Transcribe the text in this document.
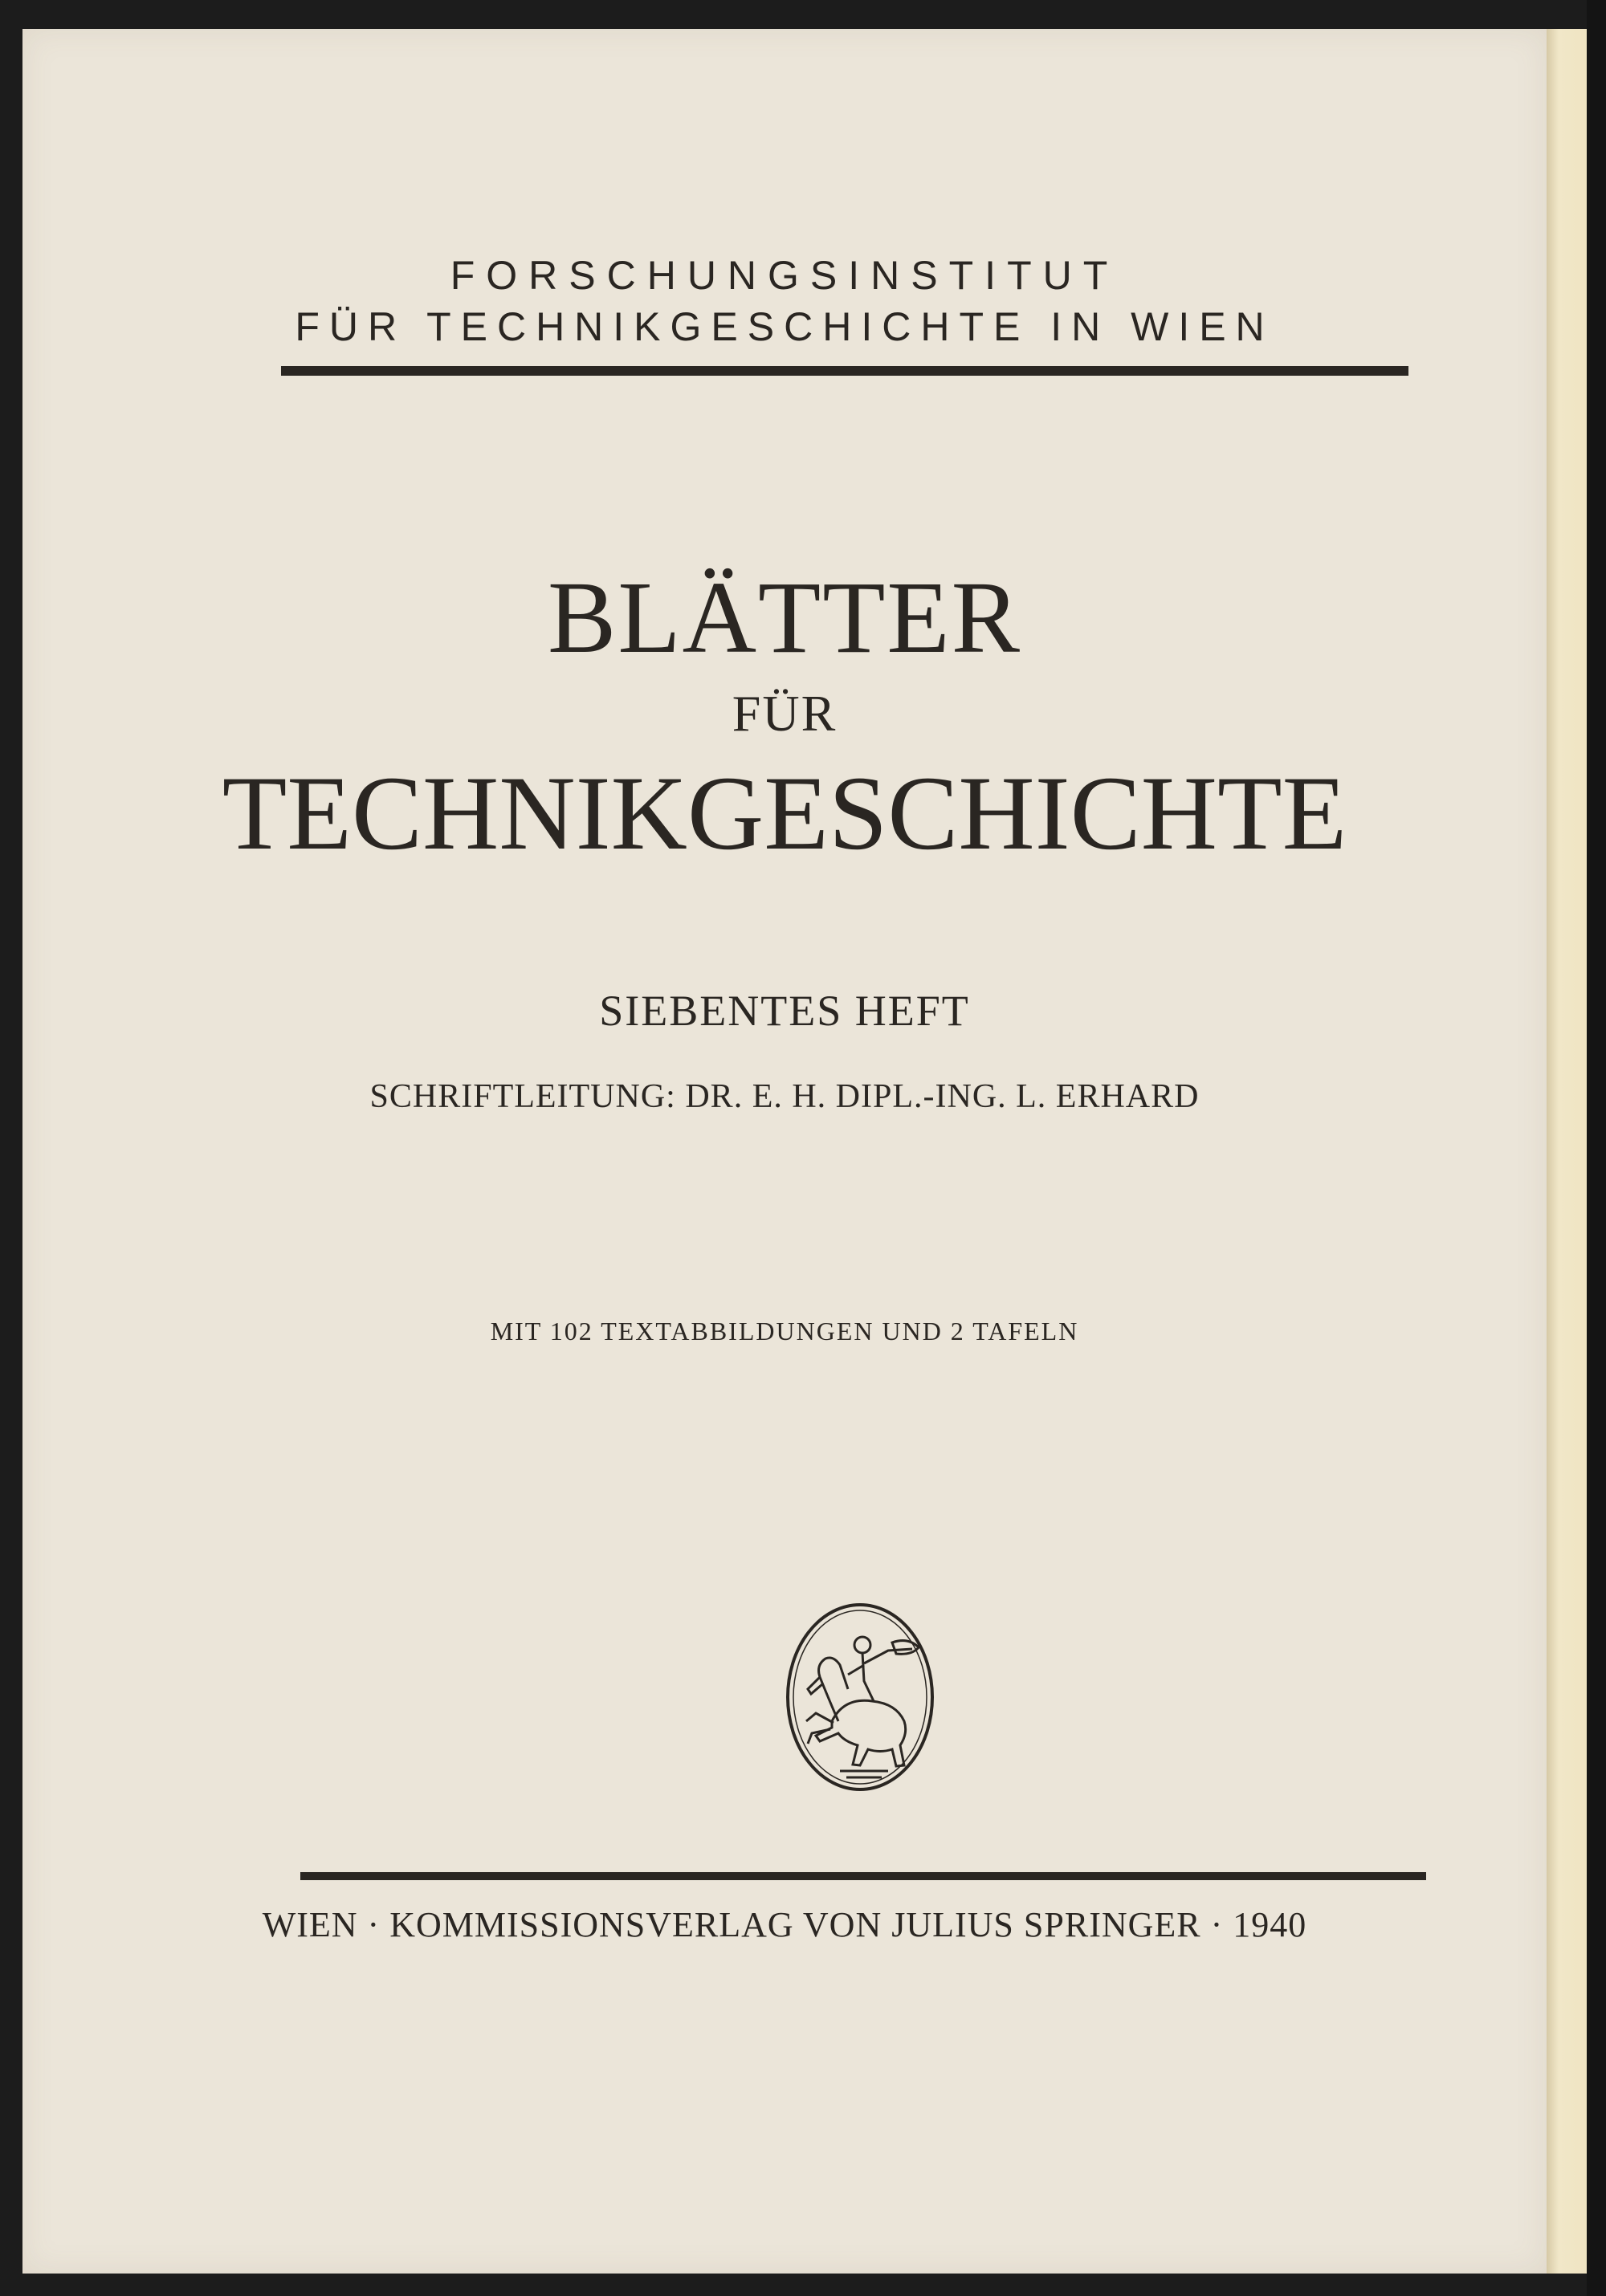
FORSCHUNGSINSTITUT
FÜR TECHNIKGESCHICHTE IN WIEN
BLÄTTER
FÜR
TECHNIKGESCHICHTE
SIEBENTES HEFT
SCHRIFTLEITUNG: DR. E. H. DIPL.-ING. L. ERHARD
MIT 102 TEXTABBILDUNGEN UND 2 TAFELN
WIEN · KOMMISSIONSVERLAG VON JULIUS SPRINGER · 1940
